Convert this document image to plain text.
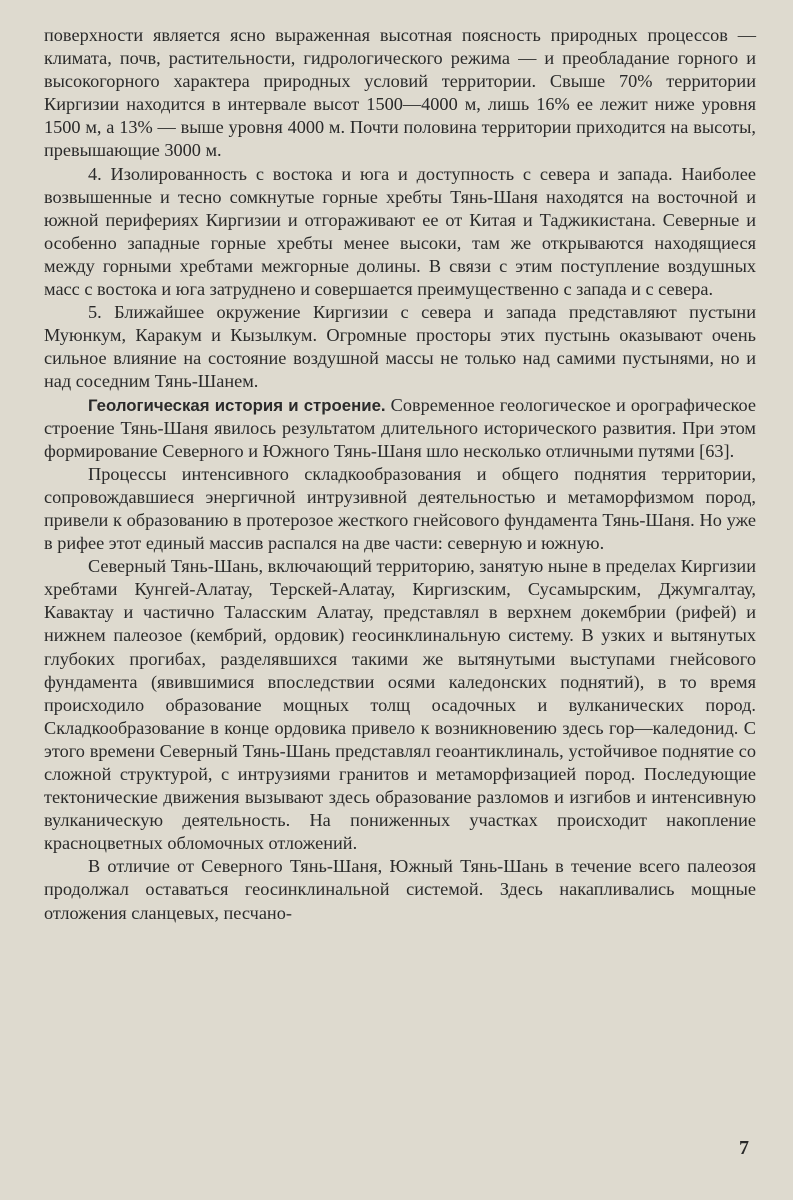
поверхности является ясно выраженная высотная поясность природных процессов — климата, почв, растительности, гидрологического режима — и преобладание горного и высокогорного характера природных условий территории. Свыше 70% территории Киргизии находится в интервале высот 1500—4000 м, лишь 16% ее лежит ниже уровня 1500 м, а 13% — выше уровня 4000 м. Почти половина территории приходится на высоты, превышающие 3000 м.

4. Изолированность с востока и юга и доступность с севера и запада. Наиболее возвышенные и тесно сомкнутые горные хребты Тянь-Шаня находятся на восточной и южной перифериях Киргизии и отгораживают ее от Китая и Таджикистана. Северные и особенно западные горные хребты менее высоки, там же открываются находящиеся между горными хребтами межгорные долины. В связи с этим поступление воздушных масс с востока и юга затруднено и совершается преимущественно с запада и с севера.

5. Ближайшее окружение Киргизии с севера и запада представляют пустыни Муюнкум, Каракум и Кызылкум. Огромные просторы этих пустынь оказывают очень сильное влияние на состояние воздушной массы не только над самими пустынями, но и над соседним Тянь-Шанем.

Геологическая история и строение. Современное геологическое и орографическое строение Тянь-Шаня явилось результатом длительного исторического развития. При этом формирование Северного и Южного Тянь-Шаня шло несколько отличными путями [63].

Процессы интенсивного складкообразования и общего поднятия территории, сопровождавшиеся энергичной интрузивной деятельностью и метаморфизмом пород, привели к образованию в протерозое жесткого гнейсового фундамента Тянь-Шаня. Но уже в рифее этот единый массив распался на две части: северную и южную.

Северный Тянь-Шань, включающий территорию, занятую ныне в пределах Киргизии хребтами Кунгей-Алатау, Терскей-Алатау, Киргизским, Сусамырским, Джумгалтау, Кавактау и частично Таласским Алатау, представлял в верхнем докембрии (рифей) и нижнем палеозое (кембрий, ордовик) геосинклинальную систему. В узких и вытянутых глубоких прогибах, разделявшихся такими же вытянутыми выступами гнейсового фундамента (явившимися впоследствии осями каледонских поднятий), в то время происходило образование мощных толщ осадочных и вулканических пород. Складкообразование в конце ордовика привело к возникновению здесь гор—каледонид. С этого времени Северный Тянь-Шань представлял геоантиклиналь, устойчивое поднятие со сложной структурой, с интрузиями гранитов и метаморфизацией пород. Последующие тектонические движения вызывают здесь образование разломов и изгибов и интенсивную вулканическую деятельность. На пониженных участках происходит накопление красноцветных обломочных отложений.

В отличие от Северного Тянь-Шаня, Южный Тянь-Шань в течение всего палеозоя продолжал оставаться геосинклинальной системой. Здесь накапливались мощные отложения сланцевых, песчано-

7
